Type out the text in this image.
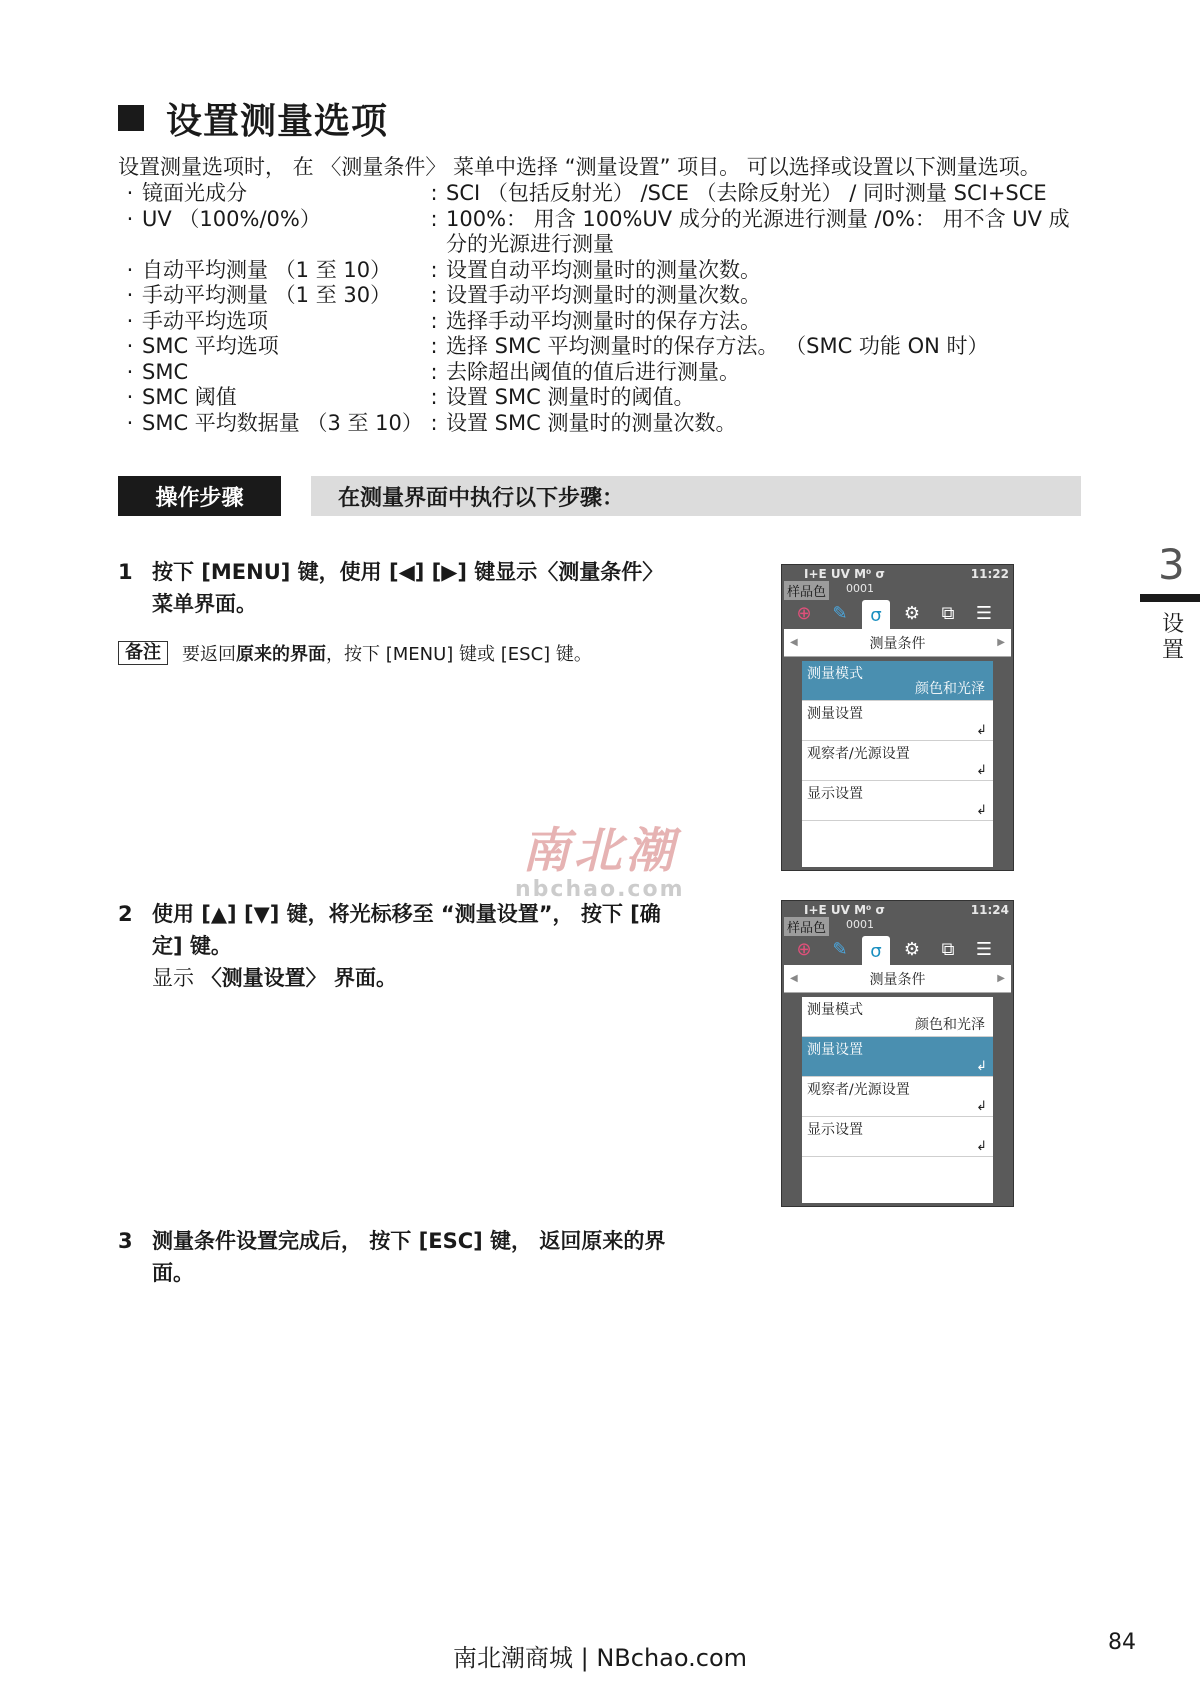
设置测量选项
设置测量选项时， 在 〈测量条件〉 菜单中选择 “测量设置” 项目。 可以选择或设置以下测量选项。
· 镜面光成分	: SCI （包括反射光） /SCE （去除反射光） / 同时测量 SCI+SCE
· UV （100%/0%）	: 100%： 用含 100%UV 成分的光源进行测量 /0%： 用不含 UV 成分的光源进行测量
· 自动平均测量 （1 至 10）	: 设置自动平均测量时的测量次数。
· 手动平均测量 （1 至 30）	: 设置手动平均测量时的测量次数。
· 手动平均选项	: 选择手动平均测量时的保存方法。
· SMC 平均选项	: 选择 SMC 平均测量时的保存方法。 （SMC 功能 ON 时）
· SMC	: 去除超出阈值的值后进行测量。
· SMC 阈值	: 设置 SMC 测量时的阈值。
· SMC 平均数据量 （3 至 10） : 设置 SMC 测量时的测量次数。
操作步骤	在测量界面中执行以下步骤：
1 按下 [MENU] 键，使用 [◀] [▶] 键显示〈测量条件〉菜单界面。
备注	要返回原来的界面，按下 [MENU] 键或 [ESC] 键。
2 使用 [▲] [▼] 键，将光标移至 “测量设置”， 按下 [确定] 键。
显示 〈测量设置〉 界面。
3 测量条件设置完成后， 按下 [ESC] 键， 返回原来的界面。
南北潮
nbchao.com
I+E UV M⁰ σ	11:22
样品色 0001
⊕	✎	σ	⚙	⧉	☰
◀	测量条件	▶
测量模式
颜色和光泽
测量设置
↲
观察者/光源设置
↲
显示设置
↲
I+E UV M⁰ σ	11:24
样品色 0001
⊕	✎	σ	⚙	⧉	☰
◀	测量条件	▶
测量模式
颜色和光泽
测量设置
↲
观察者/光源设置
↲
显示设置
↲
3
设置
南北潮商城 | NBchao.com
84
